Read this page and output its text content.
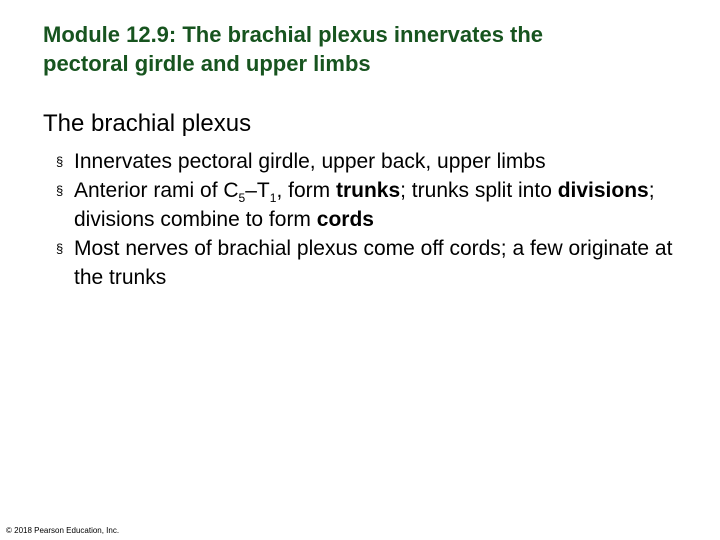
Module 12.9: The brachial plexus innervates the
pectoral girdle and upper limbs
The brachial plexus
§ Innervates pectoral girdle, upper back, upper limbs
§ Anterior rami of $C_5-T_1$, form trunks; trunks split into divisions; divisions combine to form cords
§ Most nerves of brachial plexus come off cords; a few originate at the trunks
© 2018 Pearson Education, Inc.
